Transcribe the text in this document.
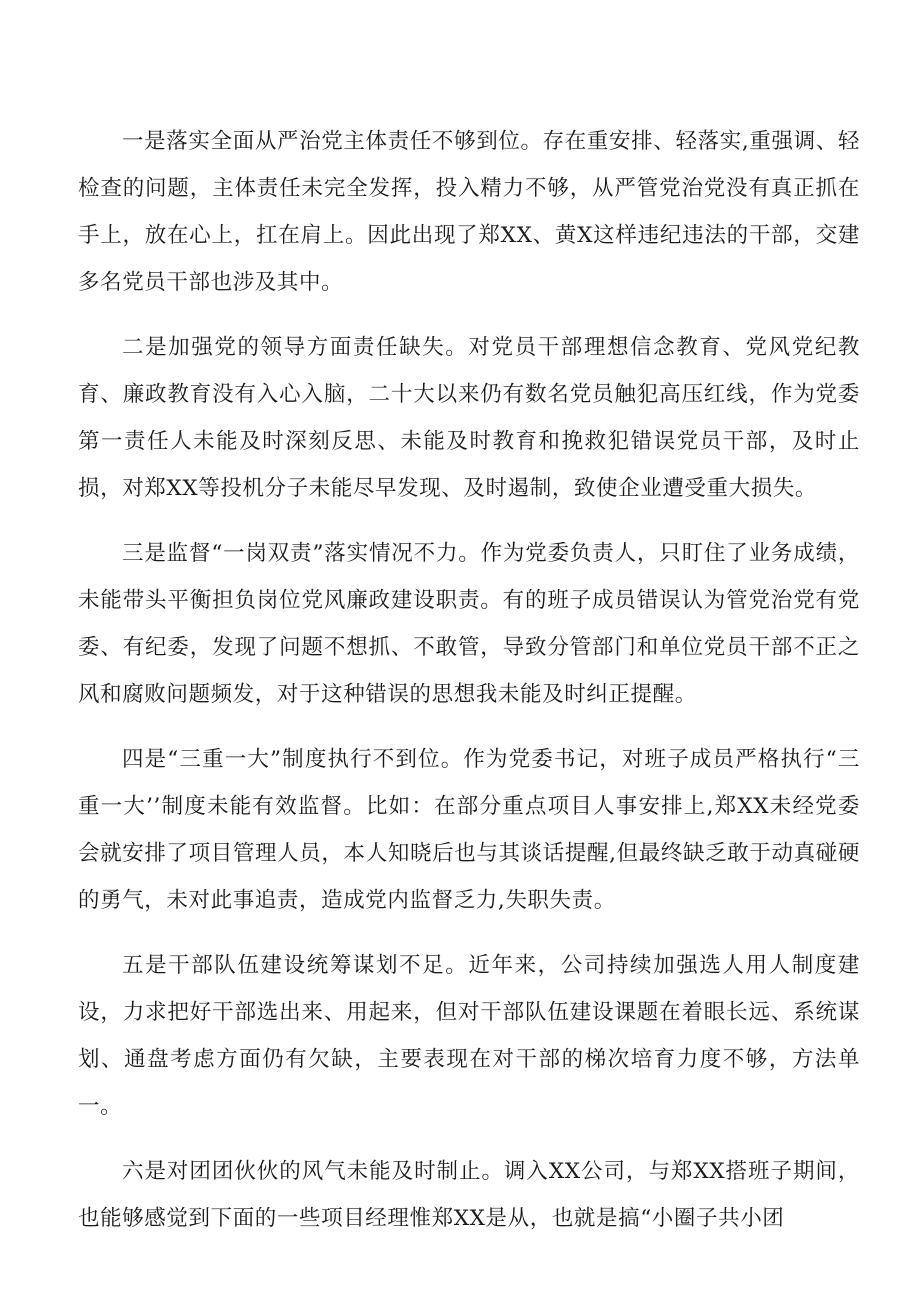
一是落实全面从严治党主体责任不够到位。存在重安排、轻落实,重强调、轻检查的问题，主体责任未完全发挥，投入精力不够，从严管党治党没有真正抓在手上，放在心上，扛在肩上。因此出现了郑XX、黄X这样违纪违法的干部，交建多名党员干部也涉及其中。

二是加强党的领导方面责任缺失。对党员干部理想信念教育、党风党纪教育、廉政教育没有入心入脑，二十大以来仍有数名党员触犯高压红线，作为党委第一责任人未能及时深刻反思、未能及时教育和挽救犯错误党员干部，及时止损，对郑XX等投机分子未能尽早发现、及时遏制，致使企业遭受重大损失。

三是监督“一岗双责”落实情况不力。作为党委负责人，只盯住了业务成绩，未能带头平衡担负岗位党风廉政建设职责。有的班子成员错误认为管党治党有党委、有纪委，发现了问题不想抓、不敢管，导致分管部门和单位党员干部不正之风和腐败问题频发，对于这种错误的思想我未能及时纠正提醒。

四是“三重一大”制度执行不到位。作为党委书记，对班子成员严格执行“三重一大’’制度未能有效监督。比如：在部分重点项目人事安排上,郑XX未经党委会就安排了项目管理人员，本人知晓后也与其谈话提醒,但最终缺乏敢于动真碰硬的勇气，未对此事追责，造成党内监督乏力,失职失责。

五是干部队伍建设统筹谋划不足。近年来，公司持续加强选人用人制度建设，力求把好干部选出来、用起来，但对干部队伍建设课题在着眼长远、系统谋划、通盘考虑方面仍有欠缺，主要表现在对干部的梯次培育力度不够，方法单一。

六是对团团伙伙的风气未能及时制止。调入XX公司，与郑XX搭班子期间，也能够感觉到下面的一些项目经理惟郑XX是从，也就是搞“小圈子共小团
